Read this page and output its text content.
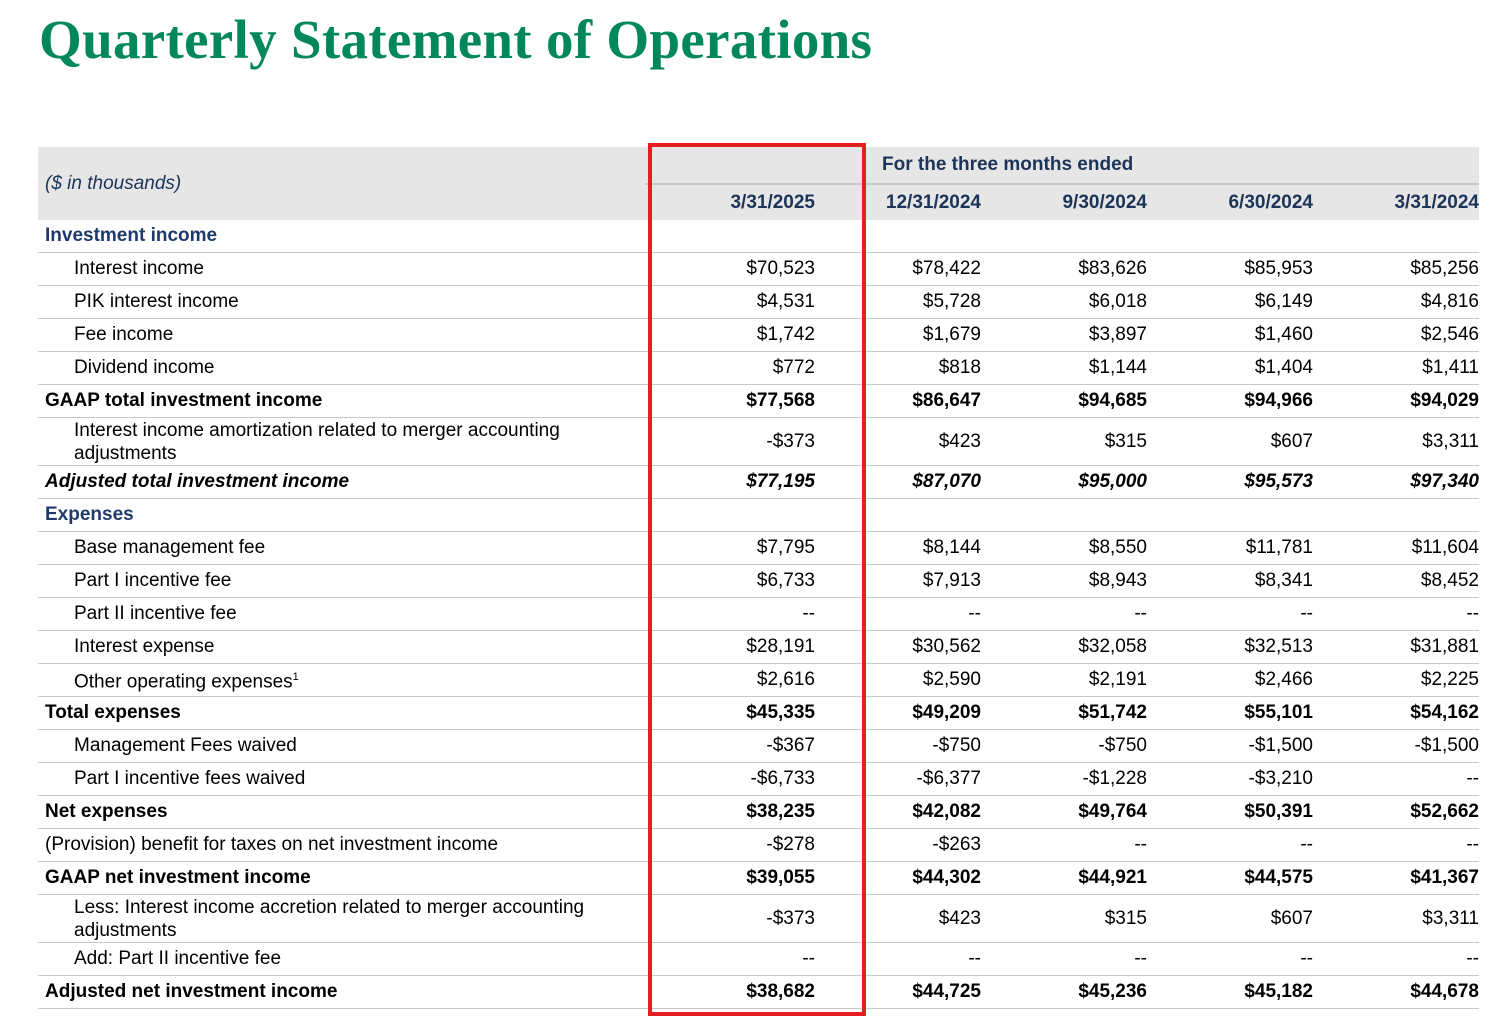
Quarterly Statement of Operations
($ in thousands)		For the three months ended			
	3/31/2025	12/31/2024	9/30/2024	6/30/2024	3/31/2024
Investment income					
Interest income	$70,523	$78,422	$83,626	$85,953	$85,256
PIK interest income	$4,531	$5,728	$6,018	$6,149	$4,816
Fee income	$1,742	$1,679	$3,897	$1,460	$2,546
Dividend income	$772	$818	$1,144	$1,404	$1,411
GAAP total investment income	$77,568	$86,647	$94,685	$94,966	$94,029
Interest income amortization related to merger accounting adjustments	-$373	$423	$315	$607	$3,311
Adjusted total investment income	$77,195	$87,070	$95,000	$95,573	$97,340
Expenses					
Base management fee	$7,795	$8,144	$8,550	$11,781	$11,604
Part I incentive fee	$6,733	$7,913	$8,943	$8,341	$8,452
Part II incentive fee	--	--	--	--	--
Interest expense	$28,191	$30,562	$32,058	$32,513	$31,881
Other operating expenses$^1$	$2,616	$2,590	$2,191	$2,466	$2,225
Total expenses	$45,335	$49,209	$51,742	$55,101	$54,162
Management Fees waived	-$367	-$750	-$750	-$1,500	-$1,500
Part I incentive fees waived	-$6,733	-$6,377	-$1,228	-$3,210	--
Net expenses	$38,235	$42,082	$49,764	$50,391	$52,662
(Provision) benefit for taxes on net investment income	-$278	-$263	--	--	--
GAAP net investment income	$39,055	$44,302	$44,921	$44,575	$41,367
Less: Interest income accretion related to merger accounting adjustments	-$373	$423	$315	$607	$3,311
Add: Part II incentive fee	--	--	--	--	--
Adjusted net investment income	$38,682	$44,725	$45,236	$45,182	$44,678
